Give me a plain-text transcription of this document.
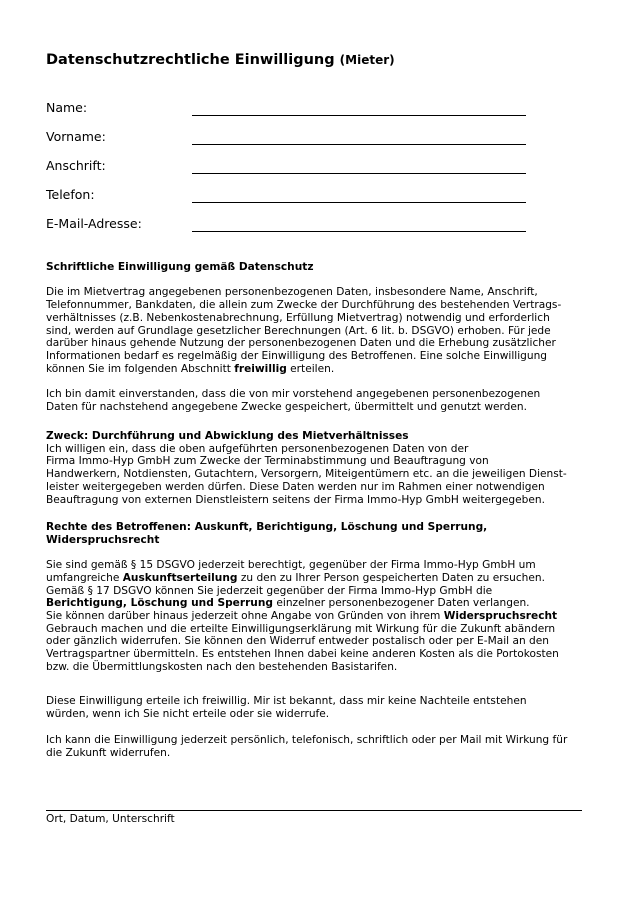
Datenschutzrechtliche Einwilligung (Mieter)
Name:
Vorname:
Anschrift:
Telefon:
E-Mail-Adresse:

Schriftliche Einwilligung gemäß Datenschutz

Die im Mietvertrag angegebenen personenbezogenen Daten, insbesondere Name, Anschrift,

Telefonnummer, Bankdaten, die allein zum Zwecke der Durchführung des bestehenden Vertrags-

verhältnisses (z.B. Nebenkostenabrechnung, Erfüllung Mietvertrag) notwendig und erforderlich

sind, werden auf Grundlage gesetzlicher Berechnungen (Art. 6 lit. b. DSGVO) erhoben. Für jede

darüber hinaus gehende Nutzung der personenbezogenen Daten und die Erhebung zusätzlicher

Informationen bedarf es regelmäßig der Einwilligung des Betroffenen. Eine solche Einwilligung

können Sie im folgenden Abschnitt freiwillig erteilen.

Ich bin damit einverstanden, dass die von mir vorstehend angegebenen personenbezogenen

Daten für nachstehend angegebene Zwecke gespeichert, übermittelt und genutzt werden.

Zweck: Durchführung und Abwicklung des Mietverhältnisses

Ich willigen ein, dass die oben aufgeführten personenbezogenen Daten von der

Firma Immo-Hyp GmbH zum Zwecke der Terminabstimmung und Beauftragung von

Handwerkern, Notdiensten, Gutachtern, Versorgern, Miteigentümern etc. an die jeweiligen Dienst-

leister weitergegeben werden dürfen. Diese Daten werden nur im Rahmen einer notwendigen

Beauftragung von externen Dienstleistern seitens der Firma Immo-Hyp GmbH weitergegeben.

Rechte des Betroffenen: Auskunft, Berichtigung, Löschung und Sperrung,

Widerspruchsrecht

Sie sind gemäß § 15 DSGVO jederzeit berechtigt, gegenüber der Firma Immo-Hyp GmbH um

umfangreiche Auskunftserteilung zu den zu Ihrer Person gespeicherten Daten zu ersuchen.

Gemäß § 17 DSGVO können Sie jederzeit gegenüber der Firma Immo-Hyp GmbH die

Berichtigung, Löschung und Sperrung einzelner personenbezogener Daten verlangen.

Sie können darüber hinaus jederzeit ohne Angabe von Gründen von ihrem Widerspruchsrecht

Gebrauch machen und die erteilte Einwilligungserklärung mit Wirkung für die Zukunft abändern

oder gänzlich widerrufen. Sie können den Widerruf entweder postalisch oder per E-Mail an den

Vertragspartner übermitteln. Es entstehen Ihnen dabei keine anderen Kosten als die Portokosten

bzw. die Übermittlungskosten nach den bestehenden Basistarifen.

Diese Einwilligung erteile ich freiwillig. Mir ist bekannt, dass mir keine Nachteile entstehen

würden, wenn ich Sie nicht erteile oder sie widerrufe.

Ich kann die Einwilligung jederzeit persönlich, telefonisch, schriftlich oder per Mail mit Wirkung für

die Zukunft widerrufen.

Ort, Datum, Unterschrift
